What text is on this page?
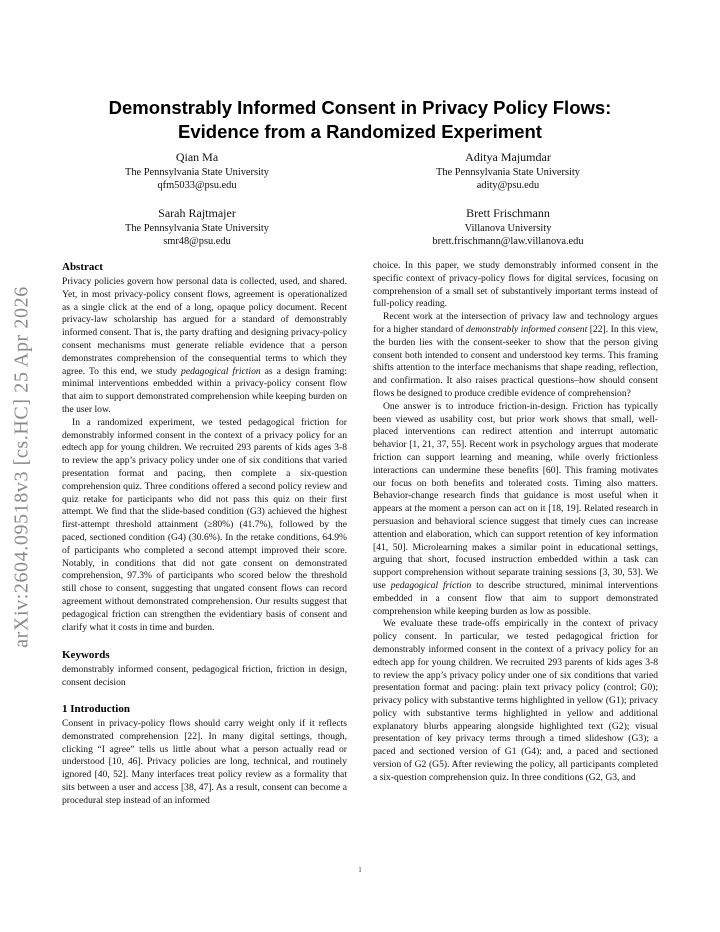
arXiv:2604.09518v3 [cs.HC] 25 Apr 2026
Demonstrably Informed Consent in Privacy Policy Flows:
Evidence from a Randomized Experiment
Qian Ma
The Pennsylvania State University
qfm5033@psu.edu
Aditya Majumdar
The Pennsylvania State University
adity@psu.edu
Sarah Rajtmajer
The Pennsylvania State University
smr48@psu.edu
Brett Frischmann
Villanova University
brett.frischmann@law.villanova.edu
Abstract

Privacy policies govern how personal data is collected, used, and shared. Yet, in most privacy-policy consent flows, agreement is operationalized as a single click at the end of a long, opaque policy document. Recent privacy-law scholarship has argued for a standard of demonstrably informed consent. That is, the party drafting and designing privacy-policy consent mechanisms must generate reliable evidence that a person demonstrates comprehension of the consequential terms to which they agree. To this end, we study pedagogical friction as a design framing: minimal interventions embedded within a privacy-policy consent flow that aim to support demonstrated comprehension while keeping burden on the user low.

In a randomized experiment, we tested pedagogical friction for demonstrably informed consent in the context of a privacy policy for an edtech app for young children. We recruited 293 parents of kids ages 3-8 to review the app’s privacy policy under one of six conditions that varied presentation format and pacing, then complete a six-question comprehension quiz. Three conditions offered a second policy review and quiz retake for participants who did not pass this quiz on their first attempt. We find that the slide-based condition (G3) achieved the highest first-attempt threshold attainment (≥80%) (41.7%), followed by the paced, sectioned condition (G4) (30.6%). In the retake conditions, 64.9% of participants who completed a second attempt improved their score. Notably, in conditions that did not gate consent on demonstrated comprehension, 97.3% of participants who scored below the threshold still chose to consent, suggesting that ungated consent flows can record agreement without demonstrated comprehension. Our results suggest that pedagogical friction can strengthen the evidentiary basis of consent and clarify what it costs in time and burden.

Keywords

demonstrably informed consent, pedagogical friction, friction in design, consent decision

1 Introduction

Consent in privacy-policy flows should carry weight only if it reflects demonstrated comprehension [22]. In many digital settings, though, clicking “I agree” tells us little about what a person actually read or understood [10, 46]. Privacy policies are long, technical, and routinely ignored [40, 52]. Many interfaces treat policy review as a formality that sits between a user and access [38, 47]. As a result, consent can become a procedural step instead of an informed

choice. In this paper, we study demonstrably informed consent in the specific context of privacy-policy flows for digital services, focusing on comprehension of a small set of substantively important terms instead of full-policy reading.

Recent work at the intersection of privacy law and technology argues for a higher standard of demonstrably informed consent [22]. In this view, the burden lies with the consent-seeker to show that the person giving consent both intended to consent and understood key terms. This framing shifts attention to the interface mechanisms that shape reading, reflection, and confirmation. It also raises practical questions–how should consent flows be designed to produce credible evidence of comprehension?

One answer is to introduce friction-in-design. Friction has typically been viewed as usability cost, but prior work shows that small, well-placed interventions can redirect attention and interrupt automatic behavior [1, 21, 37, 55]. Recent work in psychology argues that moderate friction can support learning and meaning, while overly frictionless interactions can undermine these benefits [60]. This framing motivates our focus on both benefits and tolerated costs. Timing also matters. Behavior-change research finds that guidance is most useful when it appears at the moment a person can act on it [18, 19]. Related research in persuasion and behavioral science suggest that timely cues can increase attention and elaboration, which can support retention of key information [41, 50]. Microlearning makes a similar point in educational settings, arguing that short, focused instruction embedded within a task can support comprehension without separate training sessions [3, 30, 53]. We use pedagogical friction to describe structured, minimal interventions embedded in a consent flow that aim to support demonstrated comprehension while keeping burden as low as possible.

We evaluate these trade-offs empirically in the context of privacy policy consent. In particular, we tested pedagogical friction for demonstrably informed consent in the context of a privacy policy for an edtech app for young children. We recruited 293 parents of kids ages 3-8 to review the app’s privacy policy under one of six conditions that varied presentation format and pacing: plain text privacy policy (control; G0); privacy policy with substantive terms highlighted in yellow (G1); privacy policy with substantive terms highlighted in yellow and additional explanatory blurbs appearing alongside highlighted text (G2); visual presentation of key privacy terms through a timed slideshow (G3); a paced and sectioned version of G1 (G4); and, a paced and sectioned version of G2 (G5). After reviewing the policy, all participants completed a six-question comprehension quiz. In three conditions (G2, G3, and

1
